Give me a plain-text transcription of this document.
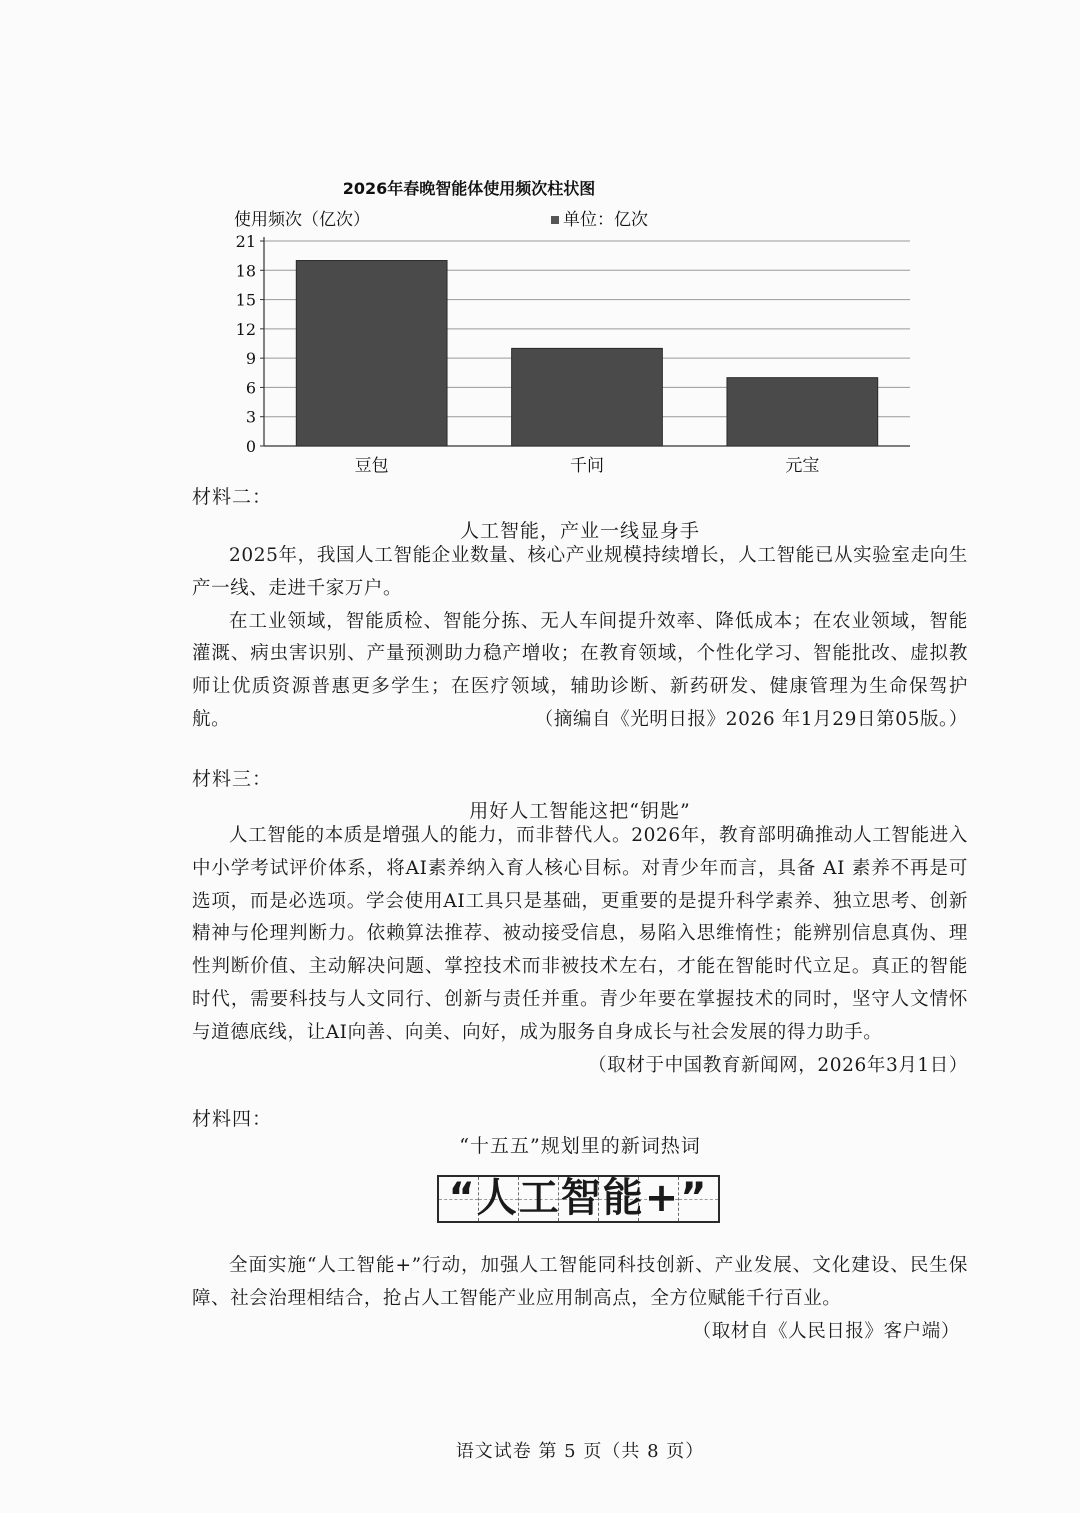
2026年春晚智能体使用频次柱状图
使用频次（亿次）	单位：亿次
0
3
6
9
12
15
18
21
豆包	千问	元宝
材料二：
人工智能，产业一线显身手

2025年，我国人工智能企业数量、核心产业规模持续增长，人工智能已从实验室走向生产一线、走进千家万户。

在工业领域，智能质检、智能分拣、无人车间提升效率、降低成本；在农业领域，智能灌溉、病虫害识别、产量预测助力稳产增收；在教育领域，个性化学习、智能批改、虚拟教师让优质资源普惠更多学生；在医疗领域，辅助诊断、新药研发、健康管理为生命保驾护航。	（摘编自《光明日报》2026 年1月29日第05版。）

材料三：
用好人工智能这把“钥匙”

人工智能的本质是增强人的能力，而非替代人。2026年，教育部明确推动人工智能进入中小学考试评价体系，将AI素养纳入育人核心目标。对青少年而言，具备 AI 素养不再是可选项，而是必选项。学会使用AI工具只是基础，更重要的是提升科学素养、独立思考、创新精神与伦理判断力。依赖算法推荐、被动接受信息，易陷入思维惰性；能辨别信息真伪、理性判断价值、主动解决问题、掌控技术而非被技术左右，才能在智能时代立足。真正的智能时代，需要科技与人文同行、创新与责任并重。青少年要在掌握技术的同时，坚守人文情怀与道德底线，让AI向善、向美、向好，成为服务自身成长与社会发展的得力助手。
（取材于中国教育新闻网，2026年3月1日）

材料四：
“十五五”规划里的新词热词
“人工智能+”

全面实施“人工智能+”行动，加强人工智能同科技创新、产业发展、文化建设、民生保障、社会治理相结合，抢占人工智能产业应用制高点，全方位赋能千行百业。

（取材自《人民日报》客户端）

语文试卷 第 5 页（共 8 页）
